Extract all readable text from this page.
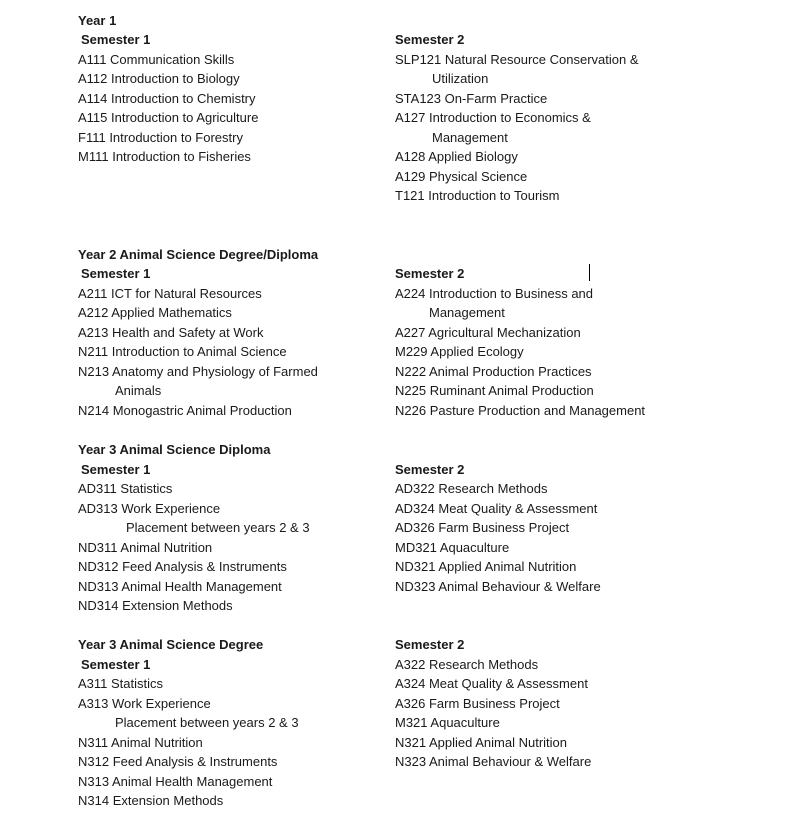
Year 1
Semester 1
A111 Communication Skills
A112 Introduction to Biology
A114 Introduction to Chemistry
A115 Introduction to Agriculture
F111 Introduction to Forestry
M111 Introduction to Fisheries
Semester 2
SLP121 Natural Resource Conservation &
Utilization
STA123 On-Farm Practice
A127 Introduction to Economics &
Management
A128 Applied Biology
A129 Physical Science
T121 Introduction to Tourism
Year 2 Animal Science Degree/Diploma
Semester 1
A211 ICT for Natural Resources
A212 Applied Mathematics
A213 Health and Safety at Work
N211 Introduction to Animal Science
N213 Anatomy and Physiology of Farmed
Animals
N214 Monogastric Animal Production
Semester 2
A224 Introduction to Business and
Management
A227 Agricultural Mechanization
M229 Applied Ecology
N222 Animal Production Practices
N225 Ruminant Animal Production
N226 Pasture Production and Management
Year 3 Animal Science Diploma
Semester 1
AD311 Statistics
AD313 Work Experience
Placement between years 2 & 3
ND311 Animal Nutrition
ND312 Feed Analysis & Instruments
ND313 Animal Health Management
ND314 Extension Methods
Semester 2
AD322 Research Methods
AD324 Meat Quality & Assessment
AD326 Farm Business Project
MD321 Aquaculture
ND321 Applied Animal Nutrition
ND323 Animal Behaviour & Welfare
Year 3 Animal Science Degree
Semester 1
A311 Statistics
A313 Work Experience
Placement between years 2 & 3
N311 Animal Nutrition
N312 Feed Analysis & Instruments
N313 Animal Health Management
N314 Extension Methods
Semester 2
A322 Research Methods
A324 Meat Quality & Assessment
A326 Farm Business Project
M321 Aquaculture
N321 Applied Animal Nutrition
N323 Animal Behaviour & Welfare
